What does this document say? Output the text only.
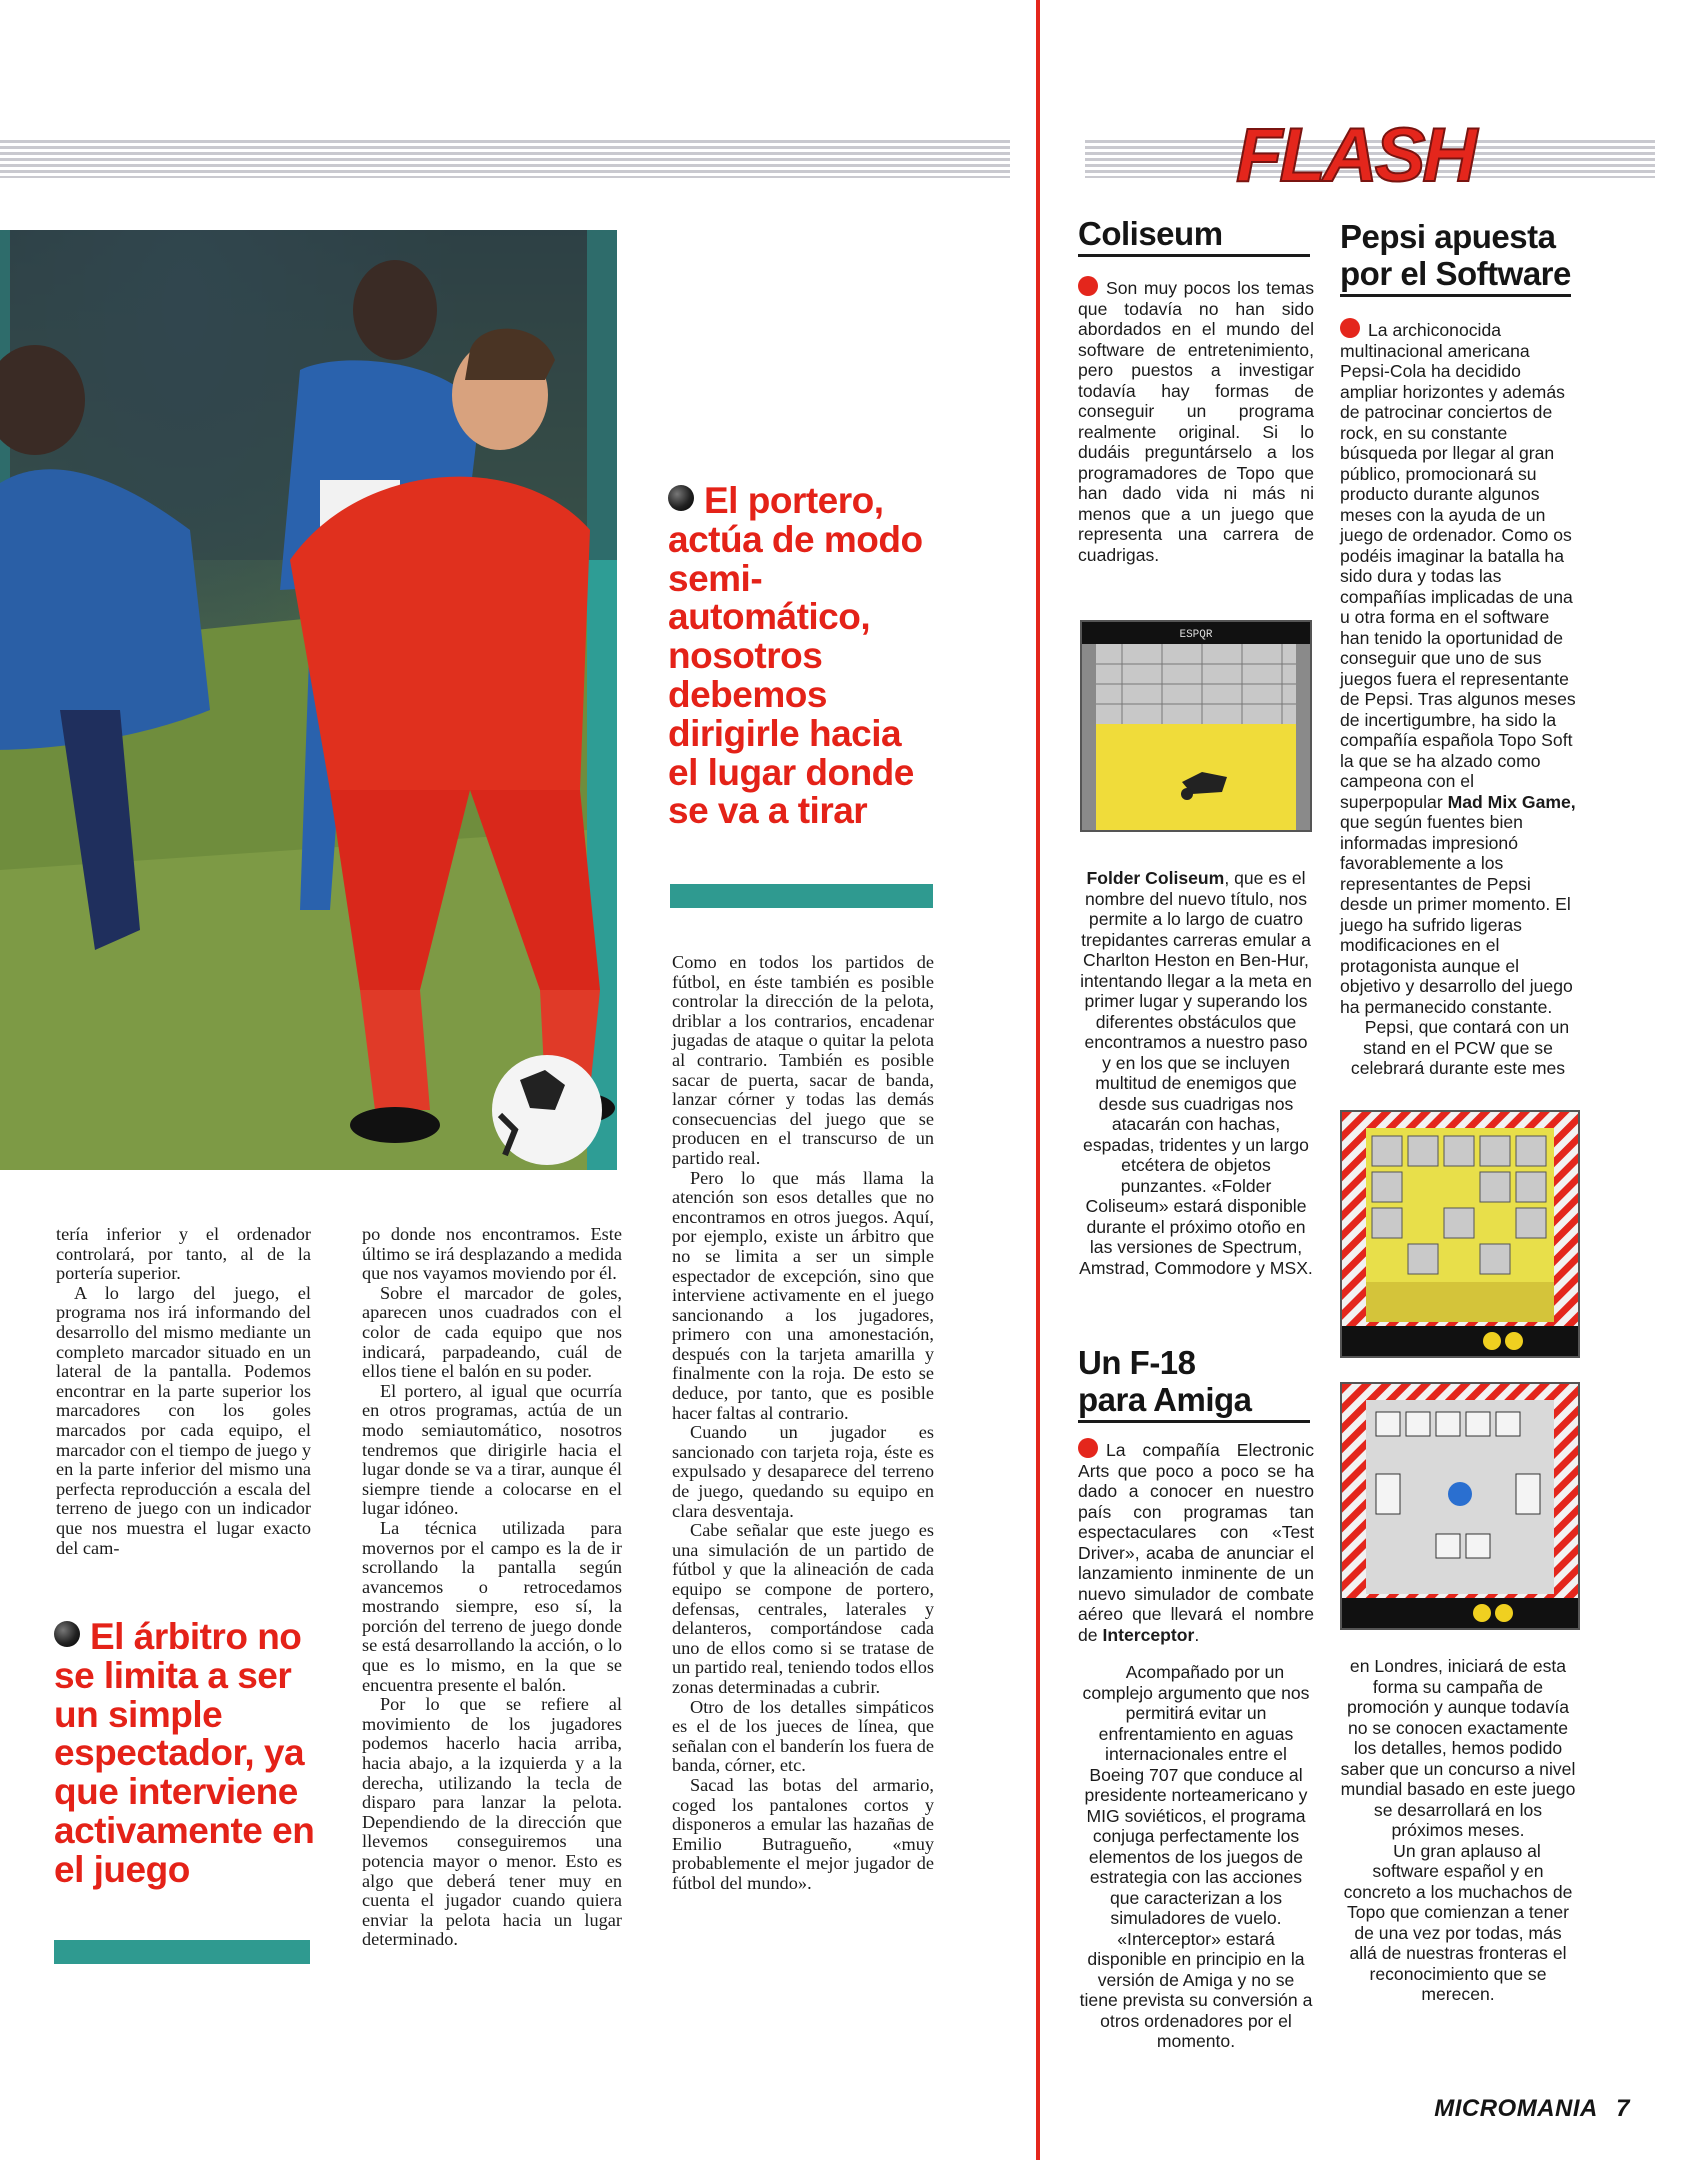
FLASH
El portero, actúa de modo semi-automático, nosotros debemos dirigirle hacia el lugar donde se va a tirar

tería inferior y el ordenador controlará, por tanto, al de la portería superior.

A lo largo del juego, el programa nos irá informando del desarrollo del mismo mediante un completo marcador situado en un lateral de la pantalla. Podemos encontrar en la parte superior los marcadores con los goles marcados por cada equipo, el marcador con el tiempo de juego y en la parte inferior del mismo una perfecta reproducción a escala del terreno de juego con un indicador que nos muestra el lugar exacto del cam-

El árbitro no se limita a ser un simple espectador, ya que interviene activamente en el juego

po donde nos encontramos. Este último se irá desplazando a medida que nos vayamos moviendo por él.

Sobre el marcador de goles, aparecen unos cuadrados con el color de cada equipo que nos indicará, parpadeando, cuál de ellos tiene el balón en su poder.

El portero, al igual que ocurría en otros programas, actúa de un modo semiautomático, nosotros tendremos que dirigirle hacia el lugar donde se va a tirar, aunque él siempre tiende a colocarse en el lugar idóneo.

La técnica utilizada para movernos por el campo es la de ir scrollando la pantalla según avancemos o retrocedamos mostrando siempre, eso sí, la porción del terreno de juego donde se está desarrollando la acción, o lo que es lo mismo, en la que se encuentra presente el balón.

Por lo que se refiere al movimiento de los jugadores podemos hacerlo hacia arriba, hacia abajo, a la izquierda y a la derecha, utilizando la tecla de disparo para lanzar la pelota. Dependiendo de la dirección que llevemos conseguiremos una potencia mayor o menor. Esto es algo que deberá tener muy en cuenta el jugador cuando quiera enviar la pelota hacia un lugar determinado.

Como en todos los partidos de fútbol, en éste también es posible controlar la dirección de la pelota, driblar a los contrarios, encadenar jugadas de ataque o quitar la pelota al contrario. También es posible sacar de puerta, sacar de banda, lanzar córner y todas las demás consecuencias del juego que se producen en el transcurso de un partido real.

Pero lo que más llama la atención son esos detalles que no encontramos en otros juegos. Aquí, por ejemplo, existe un árbitro que no se limita a ser un simple espectador de excepción, sino que interviene activamente en el juego sancionando a los jugadores, primero con una amonestación, después con la tarjeta amarilla y finalmente con la roja. De esto se deduce, por tanto, que es posible hacer faltas al contrario.

Cuando un jugador es sancionado con tarjeta roja, éste es expulsado y desaparece del terreno de juego, quedando su equipo en clara desventaja.

Cabe señalar que este juego es una simulación de un partido de fútbol y que la alineación de cada equipo se compone de portero, defensas, centrales, laterales y delanteros, comportándose cada uno de ellos como si se tratase de un partido real, teniendo todos ellos zonas determinadas a cubrir.

Otro de los detalles simpáticos es el de los jueces de línea, que señalan con el banderín los fuera de banda, córner, etc.

Sacad las botas del armario, coged los pantalones cortos y disponeros a emular las hazañas de Emilio Butragueño, «muy probablemente el mejor jugador de fútbol del mundo».

Coliseum
Son muy pocos los temas que todavía no han sido abordados en el mundo del software de entretenimiento, pero puestos a investigar todavía hay formas de conseguir un programa realmente original. Si lo dudáis preguntárselo a los programadores de Topo que han dado vida ni más ni menos que a un juego que representa una carrera de cuadrigas.
ESPQR
Folder Coliseum, que es el nombre del nuevo título, nos permite a lo largo de cuatro trepidantes carreras emular a Charlton Heston en Ben-Hur, intentando llegar a la meta en primer lugar y superando los diferentes obstáculos que encontramos a nuestro paso y en los que se incluyen multitud de enemigos que desde sus cuadrigas nos atacarán con hachas, espadas, tridentes y un largo etcétera de objetos punzantes. «Folder Coliseum» estará disponible durante el próximo otoño en las versiones de Spectrum, Amstrad, Commodore y MSX.
Un F-18
para Amiga
La compañía Electronic Arts que poco a poco se ha dado a conocer en nuestro país con programas tan espectaculares con «Test Driver», acaba de anunciar el lanzamiento inminente de un nuevo simulador de combate aéreo que llevará el nombre de Interceptor.
Acompañado por un complejo argumento que nos permitirá evitar un enfrentamiento en aguas internacionales entre el Boeing 707 que conduce al presidente norteamericano y MIG soviéticos, el programa conjuga perfectamente los elementos de los juegos de estrategia con las acciones que caracterizan a los simuladores de vuelo. «Interceptor» estará disponible en principio en la versión de Amiga y no se tiene prevista su conversión a otros ordenadores por el momento.
Pepsi apuesta
por el Software

La archiconocida multinacional americana Pepsi-Cola ha decidido ampliar horizontes y además de patrocinar conciertos de rock, en su constante búsqueda por llegar al gran público, promocionará su producto durante algunos meses con la ayuda de un juego de ordenador. Como os podéis imaginar la batalla ha sido dura y todas las compañías implicadas de una u otra forma en el software han tenido la oportunidad de conseguir que uno de sus juegos fuera el representante de Pepsi. Tras algunos meses de incertigumbre, ha sido la compañía española Topo Soft la que se ha alzado como campeona con el superpopular Mad Mix Game, que según fuentes bien informadas impresionó favorablemente a los representantes de Pepsi desde un primer momento. El juego ha sufrido ligeras modificaciones en el protagonista aunque el objetivo y desarrollo del juego ha permanecido constante.

Pepsi, que contará con un stand en el PCW que se celebrará durante este mes

en Londres, iniciará de esta forma su campaña de promoción y aunque todavía no se conocen exactamente los detalles, hemos podido saber que un concurso a nivel mundial basado en este juego se desarrollará en los próximos meses.

Un gran aplauso al software español y en concreto a los muchachos de Topo que comienzan a tener de una vez por todas, más allá de nuestras fronteras el reconocimiento que se merecen.

MICROMANIA 7
